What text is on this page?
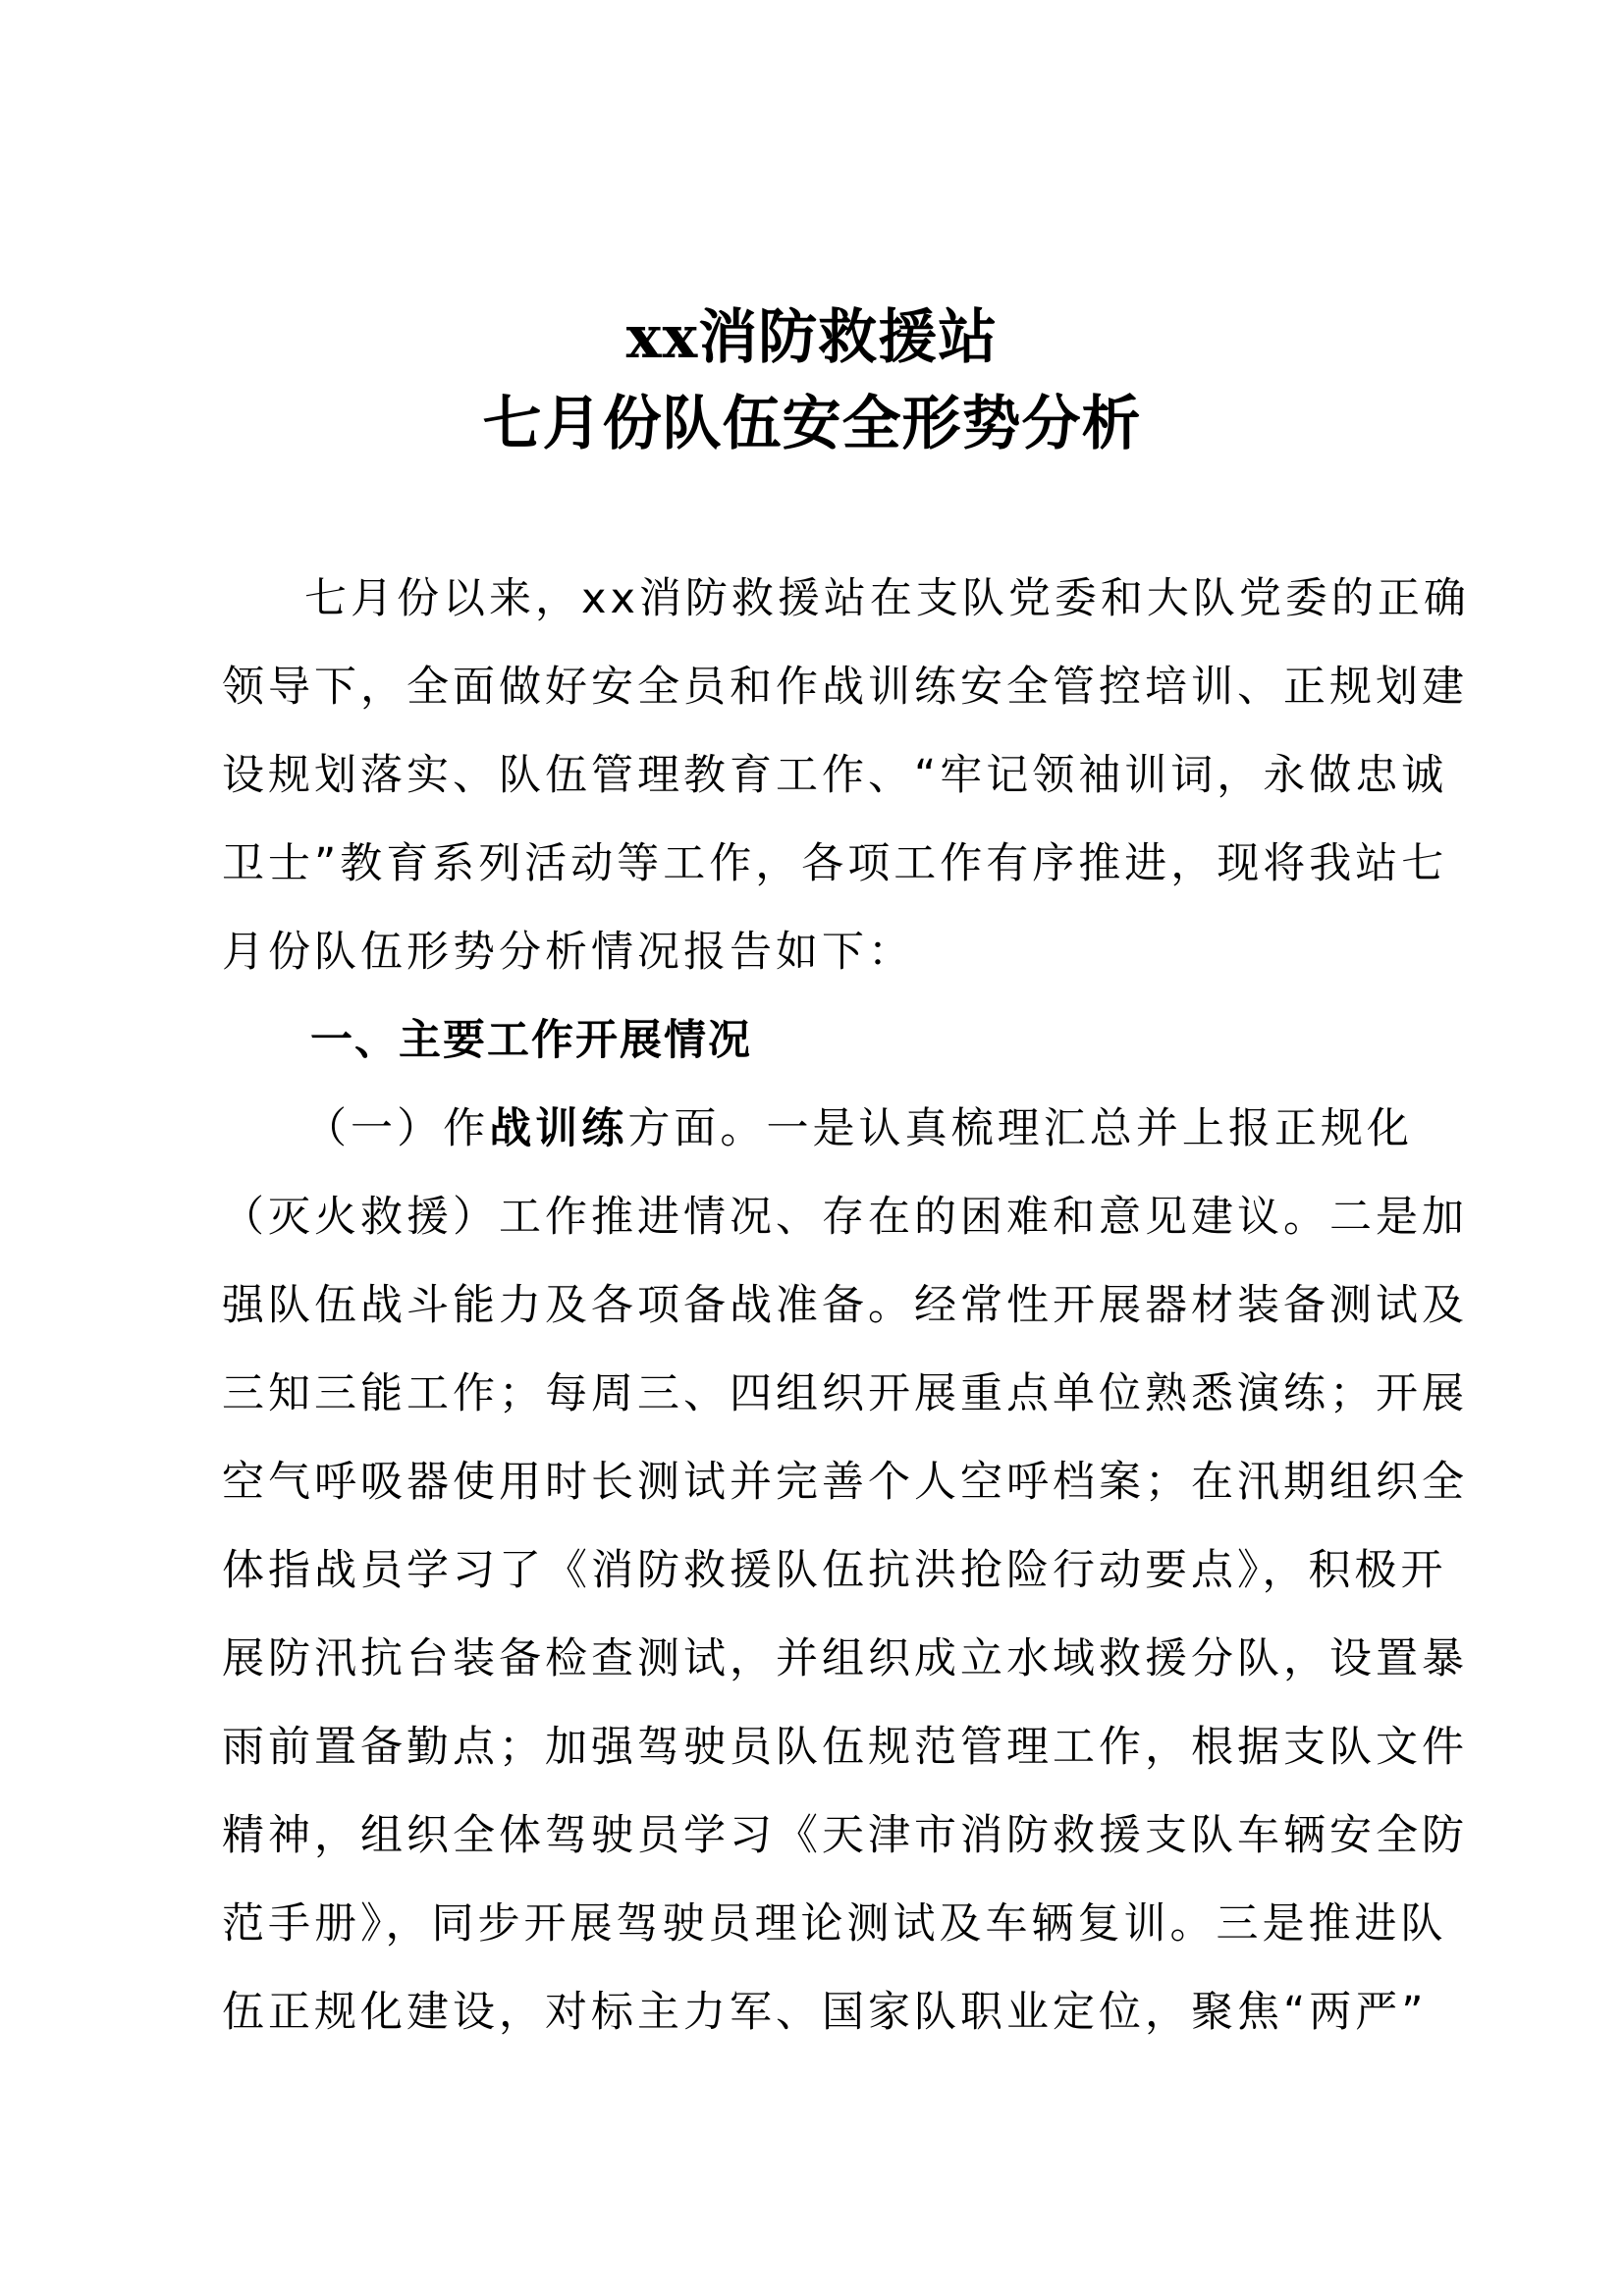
xx消防救援站
七月份队伍安全形势分析
七月份以来，xx消防救援站在支队党委和大队党委的正确
领导下，全面做好安全员和作战训练安全管控培训、正规划建
设规划落实、队伍管理教育工作、“牢记领袖训词，永做忠诚
卫士”教育系列活动等工作，各项工作有序推进，现将我站七
月份队伍形势分析情况报告如下：
一、主要工作开展情况
（一）作战训练方面。一是认真梳理汇总并上报正规化
（灭火救援）工作推进情况、存在的困难和意见建议。二是加
强队伍战斗能力及各项备战准备。经常性开展器材装备测试及
三知三能工作；每周三、四组织开展重点单位熟悉演练；开展
空气呼吸器使用时长测试并完善个人空呼档案；在汛期组织全
体指战员学习了《消防救援队伍抗洪抢险行动要点》，积极开
展防汛抗台装备检查测试，并组织成立水域救援分队，设置暴
雨前置备勤点；加强驾驶员队伍规范管理工作，根据支队文件
精神，组织全体驾驶员学习《天津市消防救援支队车辆安全防
范手册》，同步开展驾驶员理论测试及车辆复训。三是推进队
伍正规化建设，对标主力军、国家队职业定位，聚焦“两严”
